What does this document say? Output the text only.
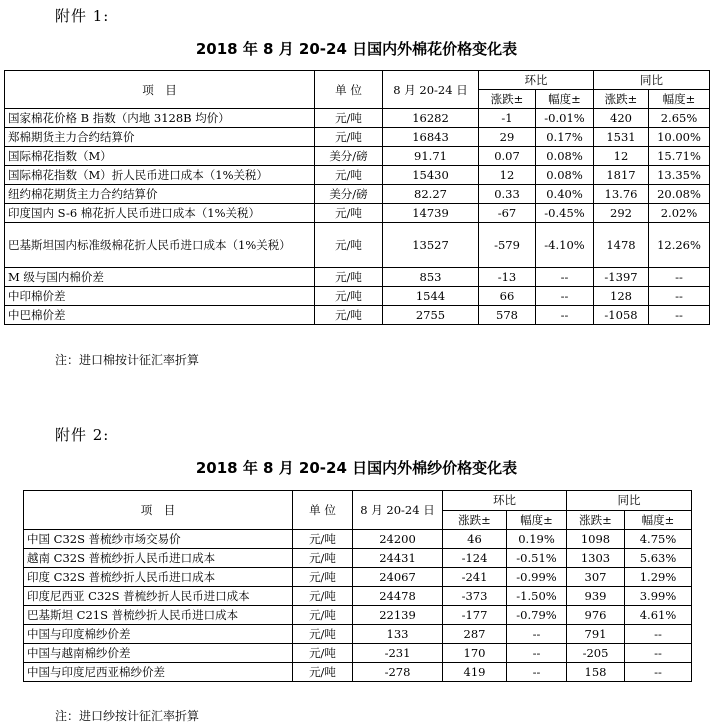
附件 1:
2018 年 8 月 20-24 日国内外棉花价格变化表
项　目	单 位	8 月 20-24 日	环比		同比	
			涨跌±	幅度±	涨跌±	幅度±
国家棉花价格 B 指数（内地 3128B 均价）	元/吨	16282	-1	-0.01%	420	2.65%
郑棉期货主力合约结算价	元/吨	16843	29	0.17%	1531	10.00%
国际棉花指数（M）	美分/磅	91.71	0.07	0.08%	12	15.71%
国际棉花指数（M）折人民币进口成本（1%关税）	元/吨	15430	12	0.08%	1817	13.35%
纽约棉花期货主力合约结算价	美分/磅	82.27	0.33	0.40%	13.76	20.08%
印度国内 S-6 棉花折人民币进口成本（1%关税）	元/吨	14739	-67	-0.45%	292	2.02%
巴基斯坦国内标准级棉花折人民币进口成本（1%关税）	元/吨	13527	-579	-4.10%	1478	12.26%
M 级与国内棉价差	元/吨	853	-13	--	-1397	--
中印棉价差	元/吨	1544	66	--	128	--
中巴棉价差	元/吨	2755	578	--	-1058	--
注：进口棉按计征汇率折算
附件 2:
2018 年 8 月 20-24 日国内外棉纱价格变化表
项　目	单 位	8 月 20-24 日	环比		同比	
			涨跌±	幅度±	涨跌±	幅度±
中国 C32S 普梳纱市场交易价	元/吨	24200	46	0.19%	1098	4.75%
越南 C32S 普梳纱折人民币进口成本	元/吨	24431	-124	-0.51%	1303	5.63%
印度 C32S 普梳纱折人民币进口成本	元/吨	24067	-241	-0.99%	307	1.29%
印度尼西亚 C32S 普梳纱折人民币进口成本	元/吨	24478	-373	-1.50%	939	3.99%
巴基斯坦 C21S 普梳纱折人民币进口成本	元/吨	22139	-177	-0.79%	976	4.61%
中国与印度棉纱价差	元/吨	133	287	--	791	--
中国与越南棉纱价差	元/吨	-231	170	--	-205	--
中国与印度尼西亚棉纱价差	元/吨	-278	419	--	158	--
注：进口纱按计征汇率折算
